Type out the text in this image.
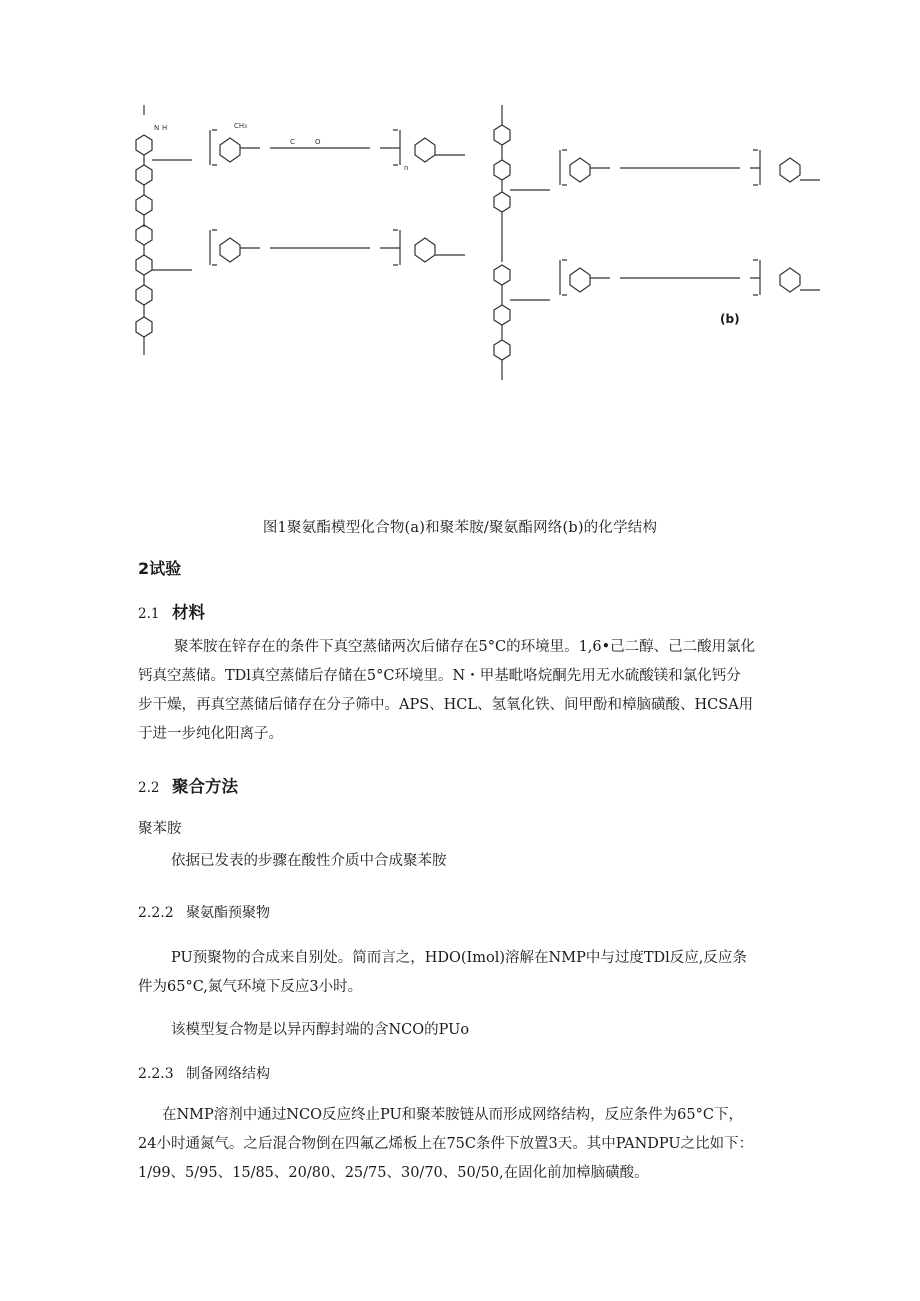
N H	CH₃
O
C
n
(b)
图1聚氨酯模型化合物(a)和聚苯胺/聚氨酯网络(b)的化学结构
2试验
2.1 材料
聚苯胺在锌存在的条件下真空蒸储两次后储存在5°C的环境里。1,6•己二醇、己二酸用氯化
钙真空蒸储。TDl真空蒸储后存储在5°C环境里。N・甲基毗咯烷酮先用无水硫酸镁和氯化钙分
步干燥，再真空蒸储后储存在分子筛中。APS、HCL、氢氧化铁、间甲酚和樟脑磺酸、HCSA用
于进一步纯化阳离子。
2.2 聚合方法
聚苯胺
依据已发表的步骤在酸性介质中合成聚苯胺
2.2.2 聚氨酯预聚物
PU预聚物的合成来自别处。简而言之，HDO(Imol)溶解在NMP中与过度TDl反应,反应条
件为65°C,氮气环境下反应3小时。
该模型复合物是以异丙醇封端的含NCO的PUo
2.2.3 制备网络结构
在NMP溶剂中通过NCO反应终止PU和聚苯胺链从而形成网络结构，反应条件为65°C下，
24小时通氮气。之后混合物倒在四氟乙烯板上在75C条件下放置3天。其中PANDPU之比如下：
1/99、5/95、15/85、20/80、25/75、30/70、50/50,在固化前加樟脑磺酸。
